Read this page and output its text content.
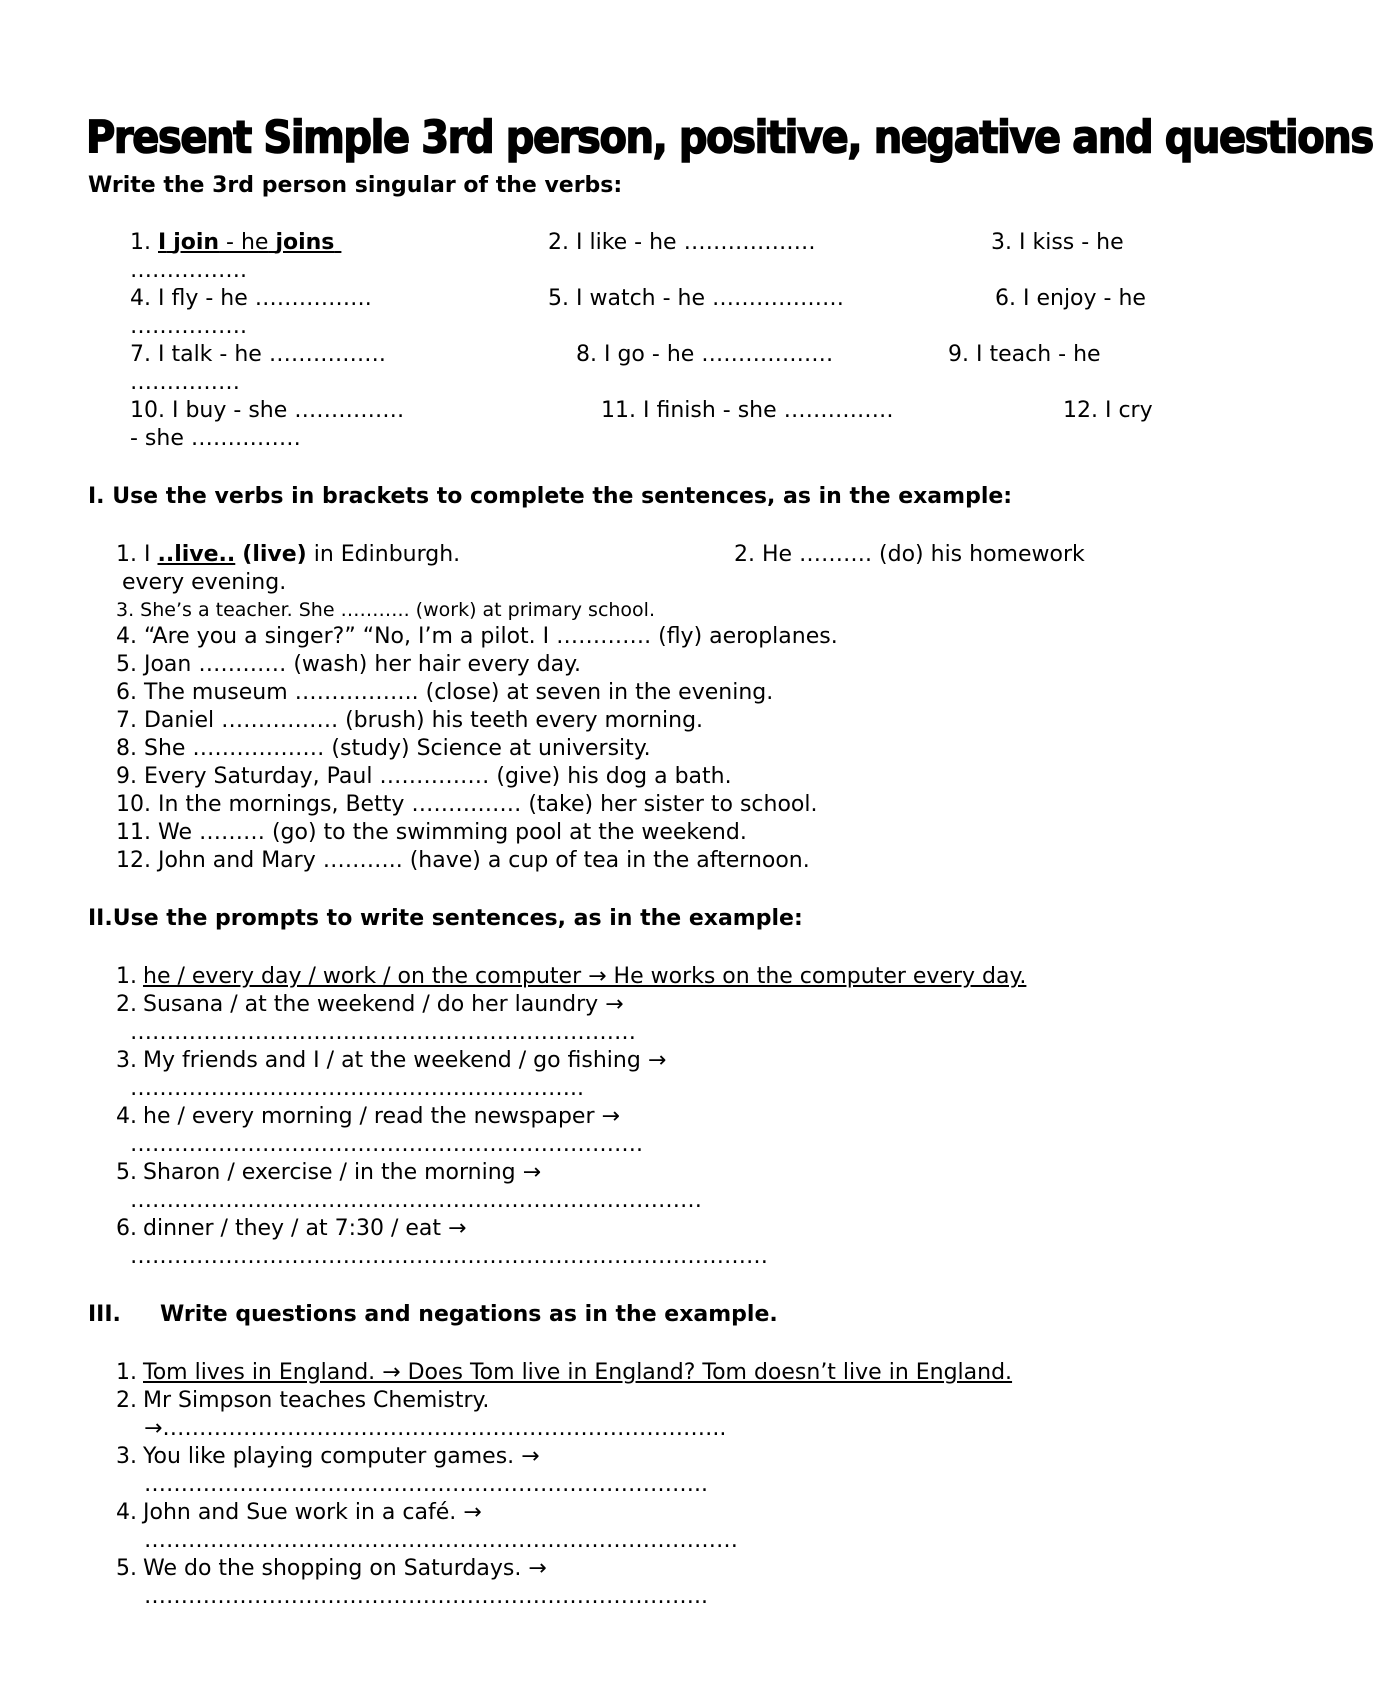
Present Simple 3rd person, positive, negative and questions
Write the 3rd person singular of the verbs:
1. I join - he joins	2. I like - he ………………	3. I kiss - he
…………….
4. I fly - he …………….	5. I watch - he ………………	6. I enjoy - he
…………….
7. I talk - he …………….	8. I go - he ………………	9. I teach - he
……………
10. I buy - she ……………	11. I finish - she ……………	12. I cry
- she ……………
I. Use the verbs in brackets to complete the sentences, as in the example:
1. I ..live.. (live) in Edinburgh.	2. He ………. (do) his homework
every evening.
3. She’s a teacher. She ……….. (work) at primary school.
4. “Are you a singer?” “No, I’m a pilot. I …………. (fly) aeroplanes.
5. Joan ………… (wash) her hair every day.
6. The museum …………….. (close) at seven in the evening.
7. Daniel ……………. (brush) his teeth every morning.
8. She ……………… (study) Science at university.
9. Every Saturday, Paul …………… (give) his dog a bath.
10. In the mornings, Betty …………… (take) her sister to school.
11. We ……… (go) to the swimming pool at the weekend.
12. John and Mary ……….. (have) a cup of tea in the afternoon.
II.Use the prompts to write sentences, as in the example:
1. he / every day / work / on the computer → He works on the computer every day.
2. Susana / at the weekend / do her laundry →
……………………………………………………………
3. My friends and I / at the weekend / go fishing →
……………………………………………………..
4. he / every morning / read the newspaper →
…………………………………………………………….
5. Sharon / exercise / in the morning →
……………………………………………………………………
6. dinner / they / at 7:30 / eat →
……………………………………………………………………………
III. Write questions and negations as in the example.
1. Tom lives in England. → Does Tom live in England? Tom doesn’t live in England.
2. Mr Simpson teaches Chemistry.
→…………………………………………………………………..
3. You like playing computer games. →
…………………………………………………………………..
4. John and Sue work in a café. →
………………………………………………………………………
5. We do the shopping on Saturdays. →
…………………………………………………………………..
